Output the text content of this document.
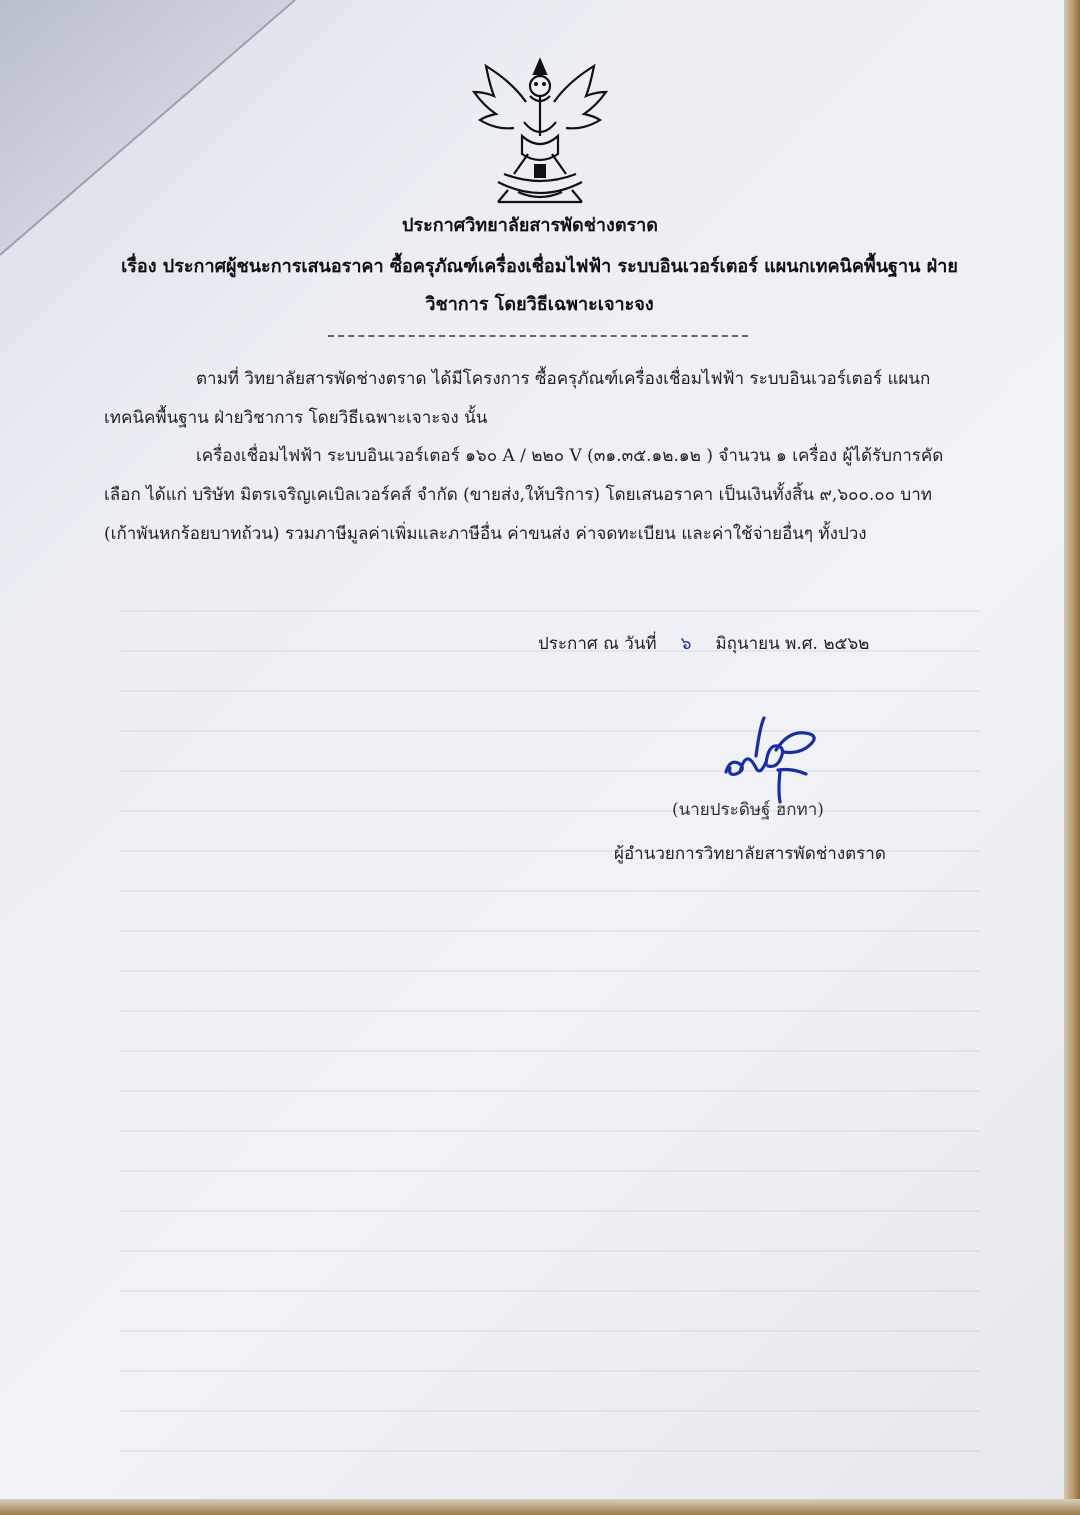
ประกาศวิทยาลัยสารพัดช่างตราด
เรื่อง ประกาศผู้ชนะการเสนอราคา ซื้อครุภัณฑ์เครื่องเชื่อมไฟฟ้า ระบบอินเวอร์เตอร์ แผนกเทคนิคพื้นฐาน ฝ่าย
วิชาการ โดยวิธีเฉพาะเจาะจง
ตามที่ วิทยาลัยสารพัดช่างตราด ได้มีโครงการ ซื้อครุภัณฑ์เครื่องเชื่อมไฟฟ้า ระบบอินเวอร์เตอร์ แผนกเทคนิคพื้นฐาน ฝ่ายวิชาการ โดยวิธีเฉพาะเจาะจง นั้น
เครื่องเชื่อมไฟฟ้า ระบบอินเวอร์เตอร์ ๑๖๐ A / ๒๒๐ V (๓๑.๓๕.๑๒.๑๒ ) จำนวน ๑ เครื่อง ผู้ได้รับการคัดเลือก ได้แก่ บริษัท มิตรเจริญเคเบิลเวอร์คส์ จำกัด (ขายส่ง,ให้บริการ) โดยเสนอราคา เป็นเงินทั้งสิ้น ๙,๖๐๐.๐๐ บาท (เก้าพันหกร้อยบาทถ้วน) รวมภาษีมูลค่าเพิ่มและภาษีอื่น ค่าขนส่ง ค่าจดทะเบียน และค่าใช้จ่ายอื่นๆ ทั้งปวง
ประกาศ ณ วันที่ ๖ มิถุนายน พ.ศ. ๒๕๖๒
(นายประดิษฐ์ ฮกทา)
ผู้อำนวยการวิทยาลัยสารพัดช่างตราด
